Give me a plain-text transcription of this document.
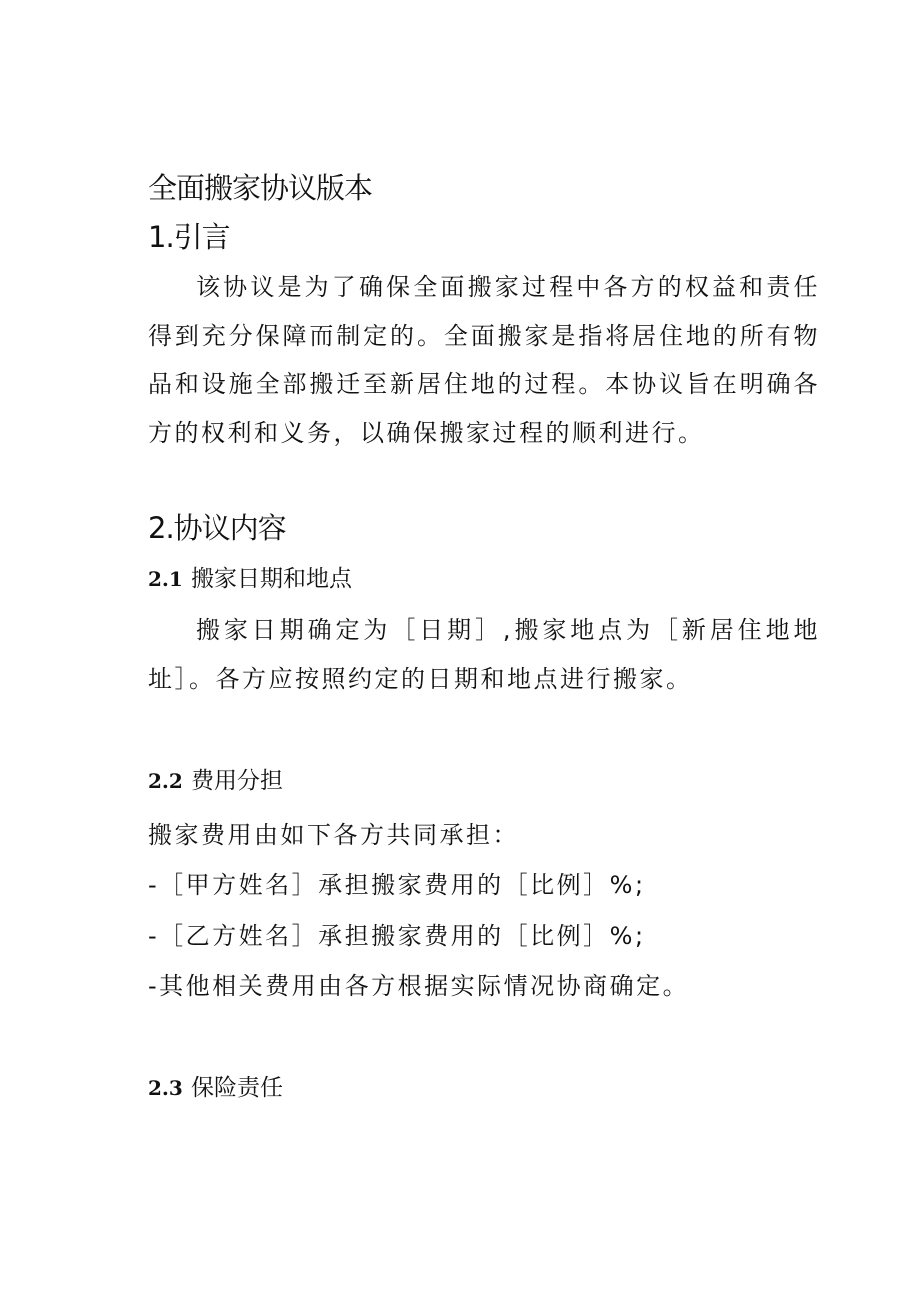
全面搬家协议版本
1.引言
该协议是为了确保全面搬家过程中各方的权益和责任得到充分保障而制定的。全面搬家是指将居住地的所有物品和设施全部搬迁至新居住地的过程。本协议旨在明确各方的权利和义务，以确保搬家过程的顺利进行。
2.协议内容
2.1 搬家日期和地点
搬家日期确定为［日期］,搬家地点为［新居住地地址］。各方应按照约定的日期和地点进行搬家。
2.2 费用分担
搬家费用由如下各方共同承担：
-［甲方姓名］承担搬家费用的［比例］%;
-［乙方姓名］承担搬家费用的［比例］%;
-其他相关费用由各方根据实际情况协商确定。
2.3 保险责任
